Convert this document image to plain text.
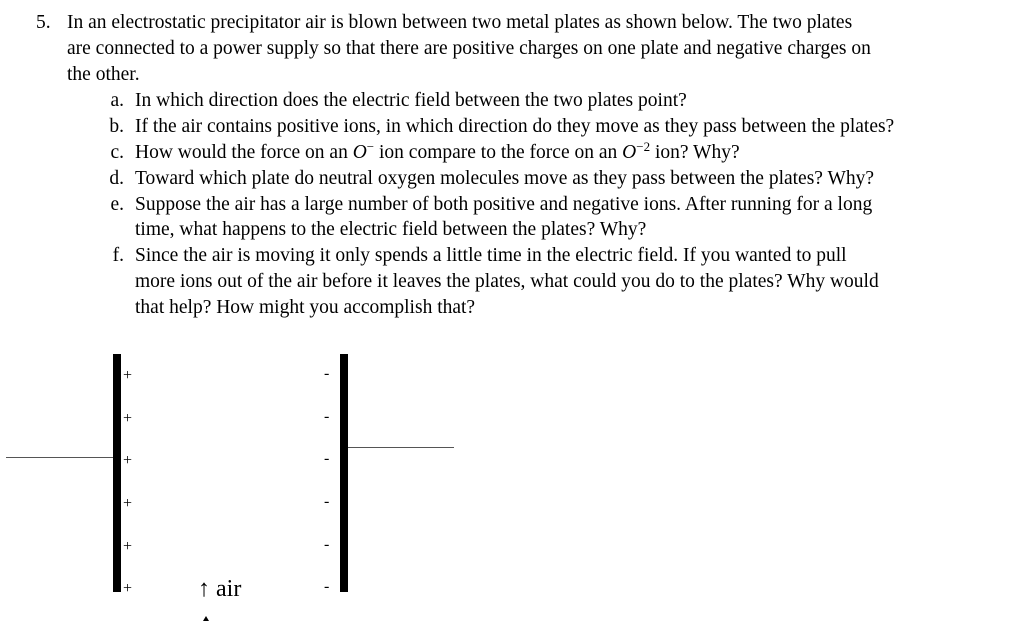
5. In an electrostatic precipitator air is blown between two metal plates as shown below. The two plates
are connected to a power supply so that there are positive charges on one plate and negative charges on
the other.
a. In which direction does the electric field between the two plates point?
b. If the air contains positive ions, in which direction do they move as they pass between the plates?
c. How would the force on an O− ion compare to the force on an $O^{-2}$ ion? Why?
d. Toward which plate do neutral oxygen molecules move as they pass between the plates? Why?
e. Suppose the air has a large number of both positive and negative ions. After running for a long
time, what happens to the electric field between the plates? Why?
f. Since the air is moving it only spends a little time in the electric field. If you wanted to pull
more ions out of the air before it leaves the plates, what could you do to the plates? Why would
that help? How might you accomplish that?
+
+
+
+
+
+
-
-
-
-
-
-
↑ air
